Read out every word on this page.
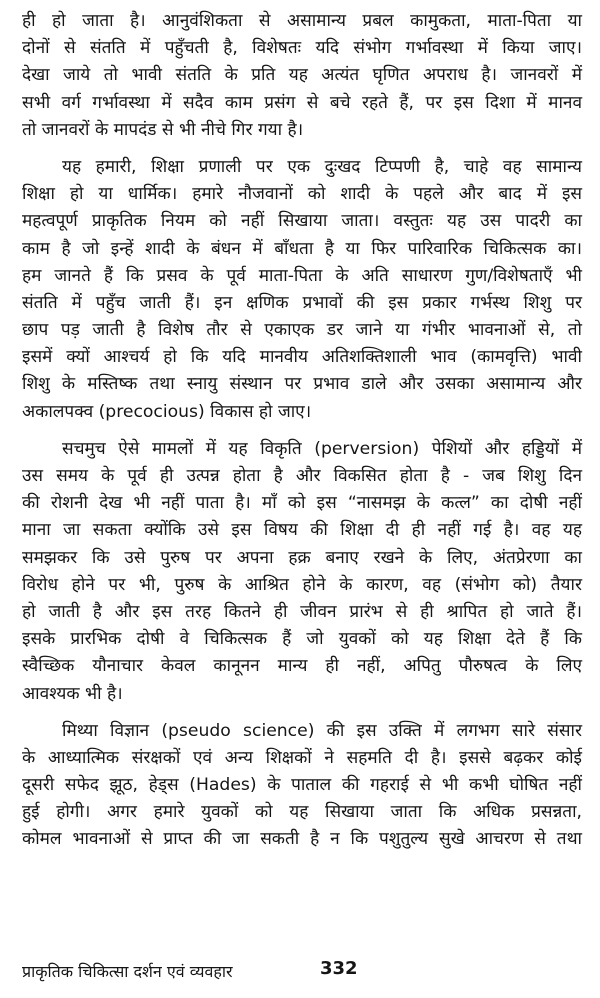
ही हो जाता है। आनुवंशिकता से असामान्य प्रबल कामुकता, माता-पिता या
दोनों से संतति में पहुँचती है, विशेषतः यदि संभोग गर्भावस्था में किया जाए।
देखा जाये तो भावी संतति के प्रति यह अत्यंत घृणित अपराध है। जानवरों में
सभी वर्ग गर्भावस्था में सदैव काम प्रसंग से बचे रहते हैं, पर इस दिशा में मानव
तो जानवरों के मापदंड से भी नीचे गिर गया है।

यह हमारी, शिक्षा प्रणाली पर एक दुःखद टिप्पणी है, चाहे वह सामान्य
शिक्षा हो या धार्मिक। हमारे नौजवानों को शादी के पहले और बाद में इस
महत्वपूर्ण प्राकृतिक नियम को नहीं सिखाया जाता। वस्तुतः यह उस पादरी का
काम है जो इन्हें शादी के बंधन में बाँधता है या फिर पारिवारिक चिकित्सक का।
हम जानते हैं कि प्रसव के पूर्व माता-पिता के अति साधारण गुण/विशेषताएँ भी
संतति में पहुँच जाती हैं। इन क्षणिक प्रभावों की इस प्रकार गर्भस्थ शिशु पर
छाप पड़ जाती है विशेष तौर से एकाएक डर जाने या गंभीर भावनाओं से, तो
इसमें क्यों आश्चर्य हो कि यदि मानवीय अतिशक्तिशाली भाव (कामवृत्ति) भावी
शिशु के मस्तिष्क तथा स्नायु संस्थान पर प्रभाव डाले और उसका असामान्य और
अकालपक्व (precocious) विकास हो जाए।

सचमुच ऐसे मामलों में यह विकृति (perversion) पेशियों और हड्डियों में
उस समय के पूर्व ही उत्पन्न होता है और विकसित होता है - जब शिशु दिन
की रोशनी देख भी नहीं पाता है। माँ को इस “नासमझ के कत्ल” का दोषी नहीं
माना जा सकता क्योंकि उसे इस विषय की शिक्षा दी ही नहीं गई है। वह यह
समझकर कि उसे पुरुष पर अपना हक्र बनाए रखने के लिए, अंतप्रेरणा का
विरोध होने पर भी, पुरुष के आश्रित होने के कारण, वह (संभोग को) तैयार
हो जाती है और इस तरह कितने ही जीवन प्रारंभ से ही श्रापित हो जाते हैं।
इसके प्रारभिक दोषी वे चिकित्सक हैं जो युवकों को यह शिक्षा देते हैं कि
स्वैच्छिक यौनाचार केवल कानूनन मान्य ही नहीं, अपितु पौरुषत्व के लिए
आवश्यक भी है।

मिथ्या विज्ञान (pseudo science) की इस उक्ति में लगभग सारे संसार
के आध्यात्मिक संरक्षकों एवं अन्य शिक्षकों ने सहमति दी है। इससे बढ़कर कोई
दूसरी सफेद झूठ, हेड्स (Hades) के पाताल की गहराई से भी कभी घोषित नहीं
हुई होगी। अगर हमारे युवकों को यह सिखाया जाता कि अधिक प्रसन्नता,
कोमल भावनाओं से प्राप्त की जा सकती है न कि पशुतुल्य सुखे आचरण से तथा

प्राकृतिक चिकित्सा दर्शन एवं व्यवहार	332
